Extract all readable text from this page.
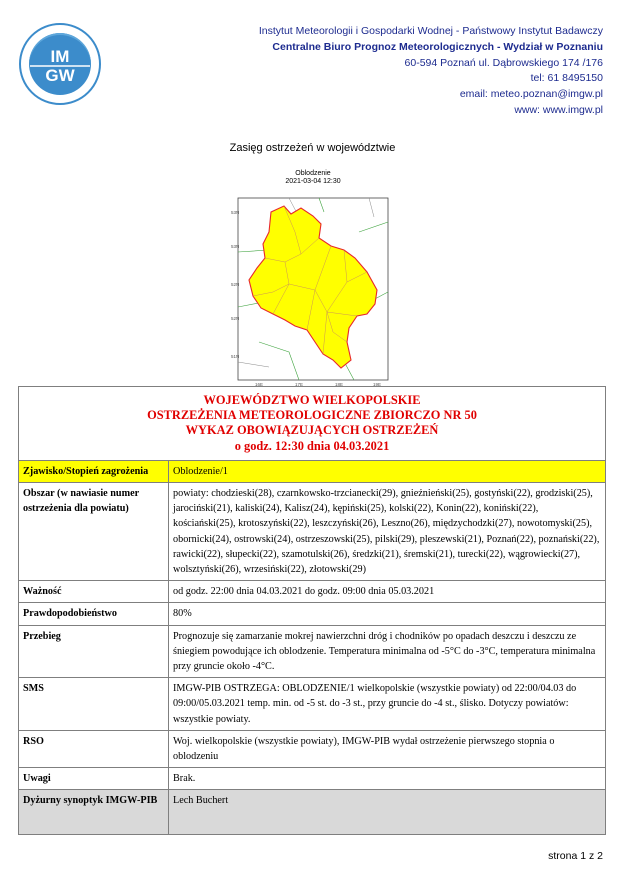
IM
GW
Instytut Meteorologii i Gospodarki Wodnej - Państwowy Instytut Badawczy
Centralne Biuro Prognoz Meteorologicznych - Wydział w Poznaniu
60-594 Poznań ul. Dąbrowskiego 174 /176
tel: 61 8495150
email: meteo.poznan@imgw.pl
www: www.imgw.pl
Zasięg ostrzeżeń w województwie
Oblodzenie
2021-03-04 12:30
53N
53N
52N
52N
51N
16E	17E	18E	19E
WOJEWÓDZTWO WIELKOPOLSKIE
OSTRZEŻENIA METEOROLOGICZNE ZBIORCZO NR 50
WYKAZ OBOWIĄZUJĄCYCH OSTRZEŻEŃ
o godz. 12:30 dnia 04.03.2021	

Zjawisko/Stopień zagrożenia	Oblodzenie/1
Obszar (w nawiasie numer ostrzeżenia dla powiatu)	powiaty: chodzieski(28), czarnkowsko-trzcianecki(29), gnieźnieński(25), gostyński(22), grodziski(25), jarociński(21), kaliski(24), Kalisz(24), kępiński(25), kolski(22), Konin(22), koniński(22), kościański(25), krotoszyński(22), leszczyński(26), Leszno(26), międzychodzki(27), nowotomyski(25), obornicki(24), ostrowski(24), ostrzeszowski(25), pilski(29), pleszewski(21), Poznań(22), poznański(22), rawicki(22), słupecki(22), szamotulski(26), średzki(21), śremski(21), turecki(22), wągrowiecki(27), wolsztyński(26), wrzesiński(22), złotowski(29)
Ważność	od godz. 22:00 dnia 04.03.2021 do godz. 09:00 dnia 05.03.2021
Prawdopodobieństwo	80%
Przebieg	Prognozuje się zamarzanie mokrej nawierzchni dróg i chodników po opadach deszczu i deszczu ze śniegiem powodujące ich oblodzenie. Temperatura minimalna od -5°C do -3°C, temperatura minimalna przy gruncie około -4°C.
SMS	IMGW-PIB OSTRZEGA: OBLODZENIE/1 wielkopolskie (wszystkie powiaty) od 22:00/04.03 do 09:00/05.03.2021 temp. min. od -5 st. do -3 st., przy gruncie do -4 st., ślisko. Dotyczy powiatów: wszystkie powiaty.
RSO	Woj. wielkopolskie (wszystkie powiaty), IMGW-PIB wydał ostrzeżenie pierwszego stopnia o oblodzeniu
Uwagi	Brak.
Dyżurny synoptyk IMGW-PIB	Lech Buchert
strona 1 z 2
